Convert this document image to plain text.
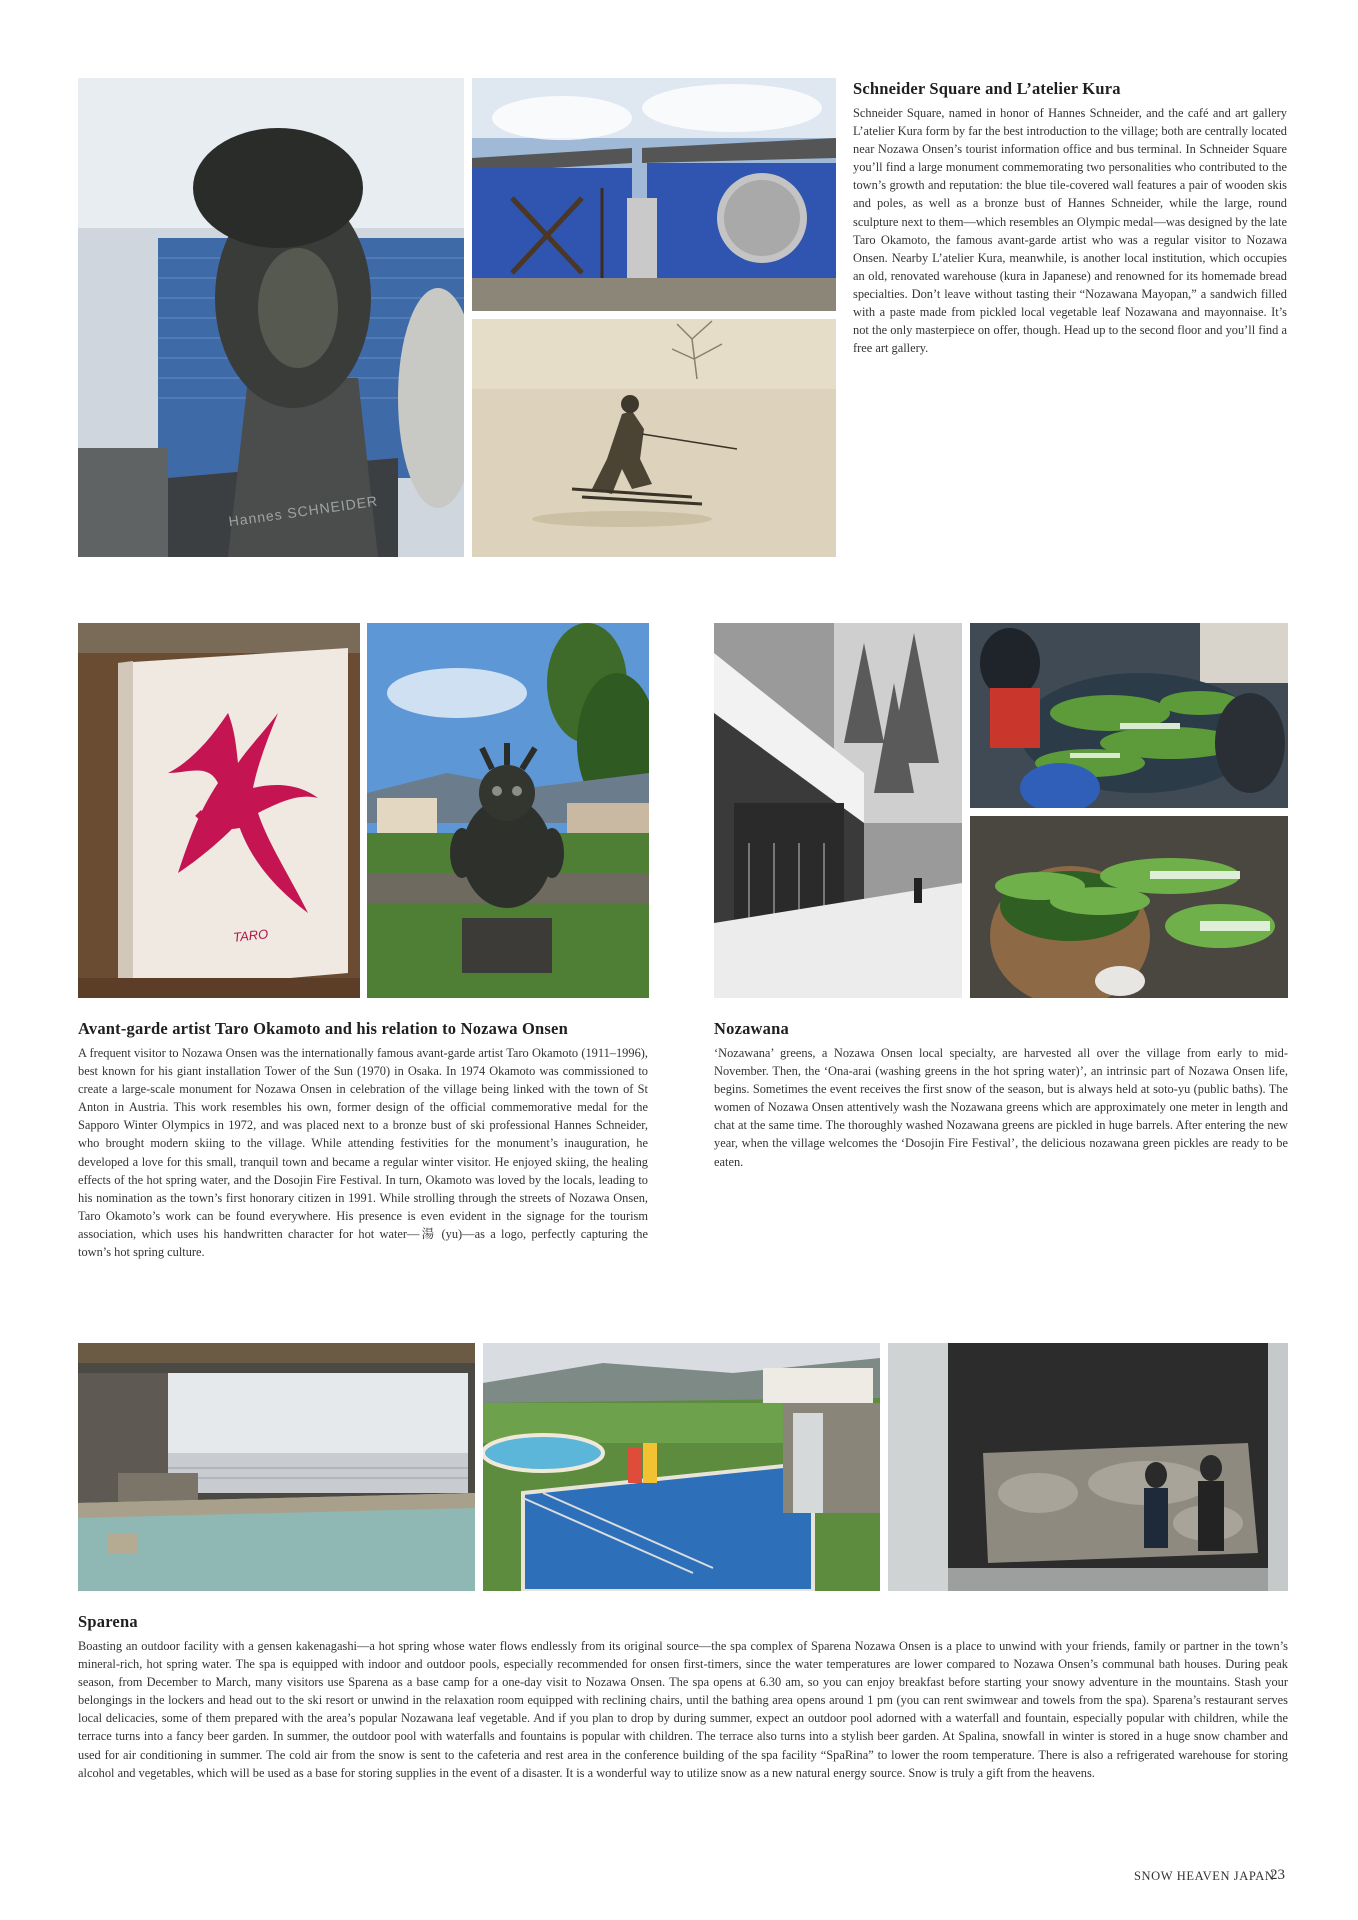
Hannes SCHNEIDER
Schneider Square and L’atelier Kura

Schneider Square, named in honor of Hannes Schneider, and the café and art gallery L’atelier Kura form by far the best introduction to the village; both are centrally located near Nozawa Onsen’s tourist information office and bus terminal. In Schneider Square you’ll find a large monument commemorating two personalities who contributed to the town’s growth and reputation: the blue tile-covered wall features a pair of wooden skis and poles, as well as a bronze bust of Hannes Schneider, while the large, round sculpture next to them—which resembles an Olympic medal—was designed by the late Taro Okamoto, the famous avant-garde artist who was a regular visitor to Nozawa Onsen. Nearby L’atelier Kura, meanwhile, is another local institution, which occupies an old, renovated warehouse (kura in Japanese) and renowned for its homemade bread specialties. Don’t leave without tasting their “Nozawana Mayopan,” a sandwich filled with a paste made from pickled local vegetable leaf Nozawana and mayonnaise. It’s not the only masterpiece on offer, though. Head up to the second floor and you’ll find a free art gallery.

TARO
Avant-garde artist Taro Okamoto and his relation to Nozawa Onsen

A frequent visitor to Nozawa Onsen was the internationally famous avant-garde artist Taro Okamoto (1911–1996), best known for his giant installation Tower of the Sun (1970) in Osaka. In 1974 Okamoto was commissioned to create a large-scale monument for Nozawa Onsen in celebration of the village being linked with the town of St Anton in Austria. This work resembles his own, former design of the official commemorative medal for the Sapporo Winter Olympics in 1972, and was placed next to a bronze bust of ski professional Hannes Schneider, who brought modern skiing to the village. While attending festivities for the monument’s inauguration, he developed a love for this small, tranquil town and became a regular winter visitor. He enjoyed skiing, the healing effects of the hot spring water, and the Dosojin Fire Festival. In turn, Okamoto was loved by the locals, leading to his nomination as the town’s first honorary citizen in 1991. While strolling through the streets of Nozawa Onsen, Taro Okamoto’s work can be found everywhere. His presence is even evident in the signage for the tourism association, which uses his handwritten character for hot water—湯 (yu)—as a logo, perfectly capturing the town’s hot spring culture.

Nozawana

‘Nozawana’ greens, a Nozawa Onsen local specialty, are harvested all over the village from early to mid-November. Then, the ‘Ona-arai (washing greens in the hot spring water)’, an intrinsic part of Nozawa Onsen life, begins. Sometimes the event receives the first snow of the season, but is always held at soto-yu (public baths). The women of Nozawa Onsen attentively wash the Nozawana greens which are approximately one meter in length and chat at the same time. The thoroughly washed Nozawana greens are pickled in huge barrels. After entering the new year, when the village welcomes the ‘Dosojin Fire Festival’, the delicious nozawana green pickles are ready to be eaten.

Sparena

Boasting an outdoor facility with a gensen kakenagashi—a hot spring whose water flows endlessly from its original source—the spa complex of Sparena Nozawa Onsen is a place to unwind with your friends, family or partner in the town’s mineral-rich, hot spring water. The spa is equipped with indoor and outdoor pools, especially recommended for onsen first-timers, since the water temperatures are lower compared to Nozawa Onsen’s communal bath houses. During peak season, from December to March, many visitors use Sparena as a base camp for a one-day visit to Nozawa Onsen. The spa opens at 6.30 am, so you can enjoy breakfast before starting your snowy adventure in the mountains. Stash your belongings in the lockers and head out to the ski resort or unwind in the relaxation room equipped with reclining chairs, until the bathing area opens around 1 pm (you can rent swimwear and towels from the spa). Sparena’s restaurant serves local delicacies, some of them prepared with the area’s popular Nozawana leaf vegetable. And if you plan to drop by during summer, expect an outdoor pool adorned with a waterfall and fountain, especially popular with children, while the terrace turns into a fancy beer garden. In summer, the outdoor pool with waterfalls and fountains is popular with children. The terrace also turns into a stylish beer garden. At Spalina, snowfall in winter is stored in a huge snow chamber and used for air conditioning in summer. The cold air from the snow is sent to the cafeteria and rest area in the conference building of the spa facility “SpaRina” to lower the room temperature. There is also a refrigerated warehouse for storing alcohol and vegetables, which will be used as a base for storing supplies in the event of a disaster. It is a wonderful way to utilize snow as a new natural energy source. Snow is truly a gift from the heavens.

SNOW HEAVEN JAPAN
23
